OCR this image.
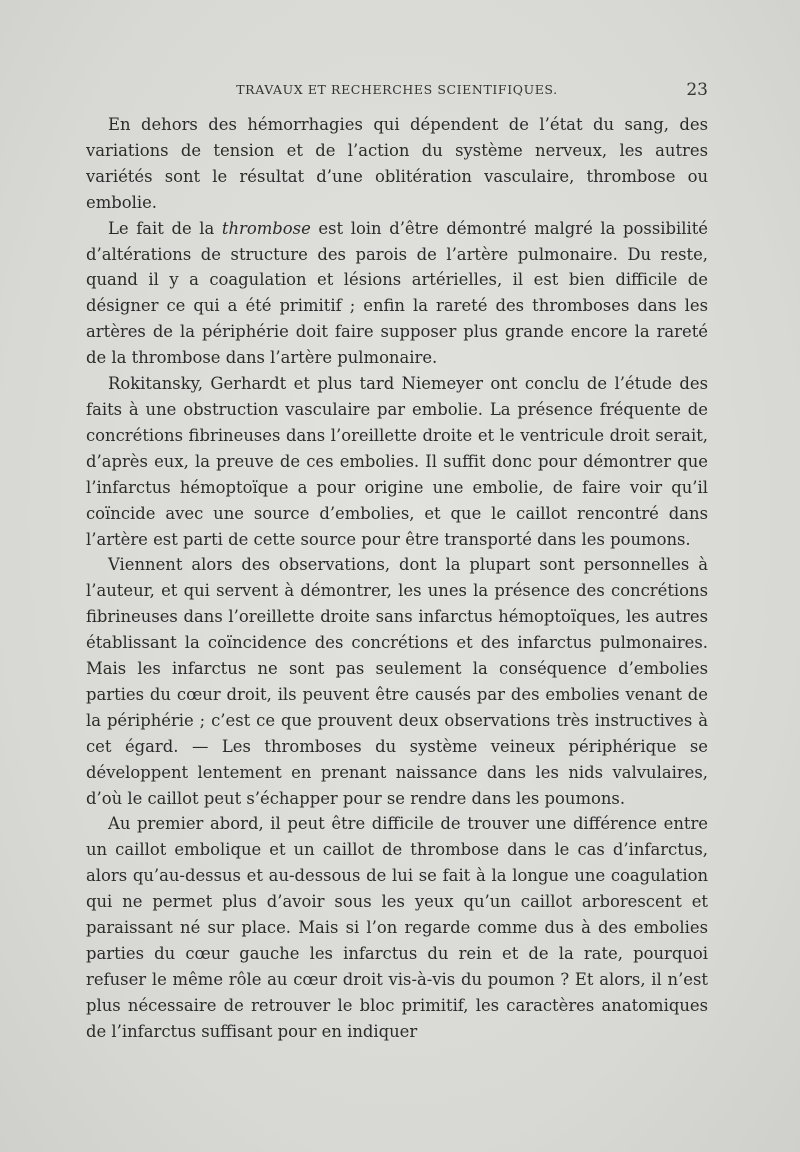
TRAVAUX ET RECHERCHES SCIENTIFIQUES.	23

En dehors des hémorrhagies qui dépendent de l’état du sang, des variations de tension et de l’action du système nerveux, les autres variétés sont le résultat d’une oblitération vasculaire, thrombose ou embolie.

Le fait de la thrombose est loin d’être démontré malgré la possibilité d’altérations de structure des parois de l’artère pulmonaire. Du reste, quand il y a coagulation et lésions artérielles, il est bien difficile de désigner ce qui a été primitif ; enfin la rareté des thromboses dans les artères de la périphérie doit faire supposer plus grande encore la rareté de la thrombose dans l’artère pulmonaire.

Rokitansky, Gerhardt et plus tard Niemeyer ont conclu de l’étude des faits à une obstruction vasculaire par embolie. La présence fréquente de concrétions fibrineuses dans l’oreillette droite et le ventricule droit serait, d’après eux, la preuve de ces embolies. Il suffit donc pour démontrer que l’infarctus hémoptoïque a pour origine une embolie, de faire voir qu’il coïncide avec une source d’embolies, et que le caillot rencontré dans l’artère est parti de cette source pour être transporté dans les poumons.

Viennent alors des observations, dont la plupart sont personnelles à l’auteur, et qui servent à démontrer, les unes la présence des concrétions fibrineuses dans l’oreillette droite sans infarctus hémoptoïques, les autres établissant la coïncidence des concrétions et des infarctus pulmonaires. Mais les infarctus ne sont pas seulement la conséquence d’embolies parties du cœur droit, ils peuvent être causés par des embolies venant de la périphérie ; c’est ce que prouvent deux observations très instructives à cet égard. — Les thromboses du système veineux périphérique se développent lentement en prenant naissance dans les nids valvulaires, d’où le caillot peut s’échapper pour se rendre dans les poumons.

Au premier abord, il peut être difficile de trouver une différence entre un caillot embolique et un caillot de thrombose dans le cas d’infarctus, alors qu’au-dessus et au-dessous de lui se fait à la longue une coagulation qui ne permet plus d’avoir sous les yeux qu’un caillot arborescent et paraissant né sur place. Mais si l’on regarde comme dus à des embolies parties du cœur gauche les infarctus du rein et de la rate, pourquoi refuser le même rôle au cœur droit vis-à-vis du poumon ? Et alors, il n’est plus nécessaire de retrouver le bloc primitif, les caractères anatomiques de l’infarctus suffisant pour en indiquer
